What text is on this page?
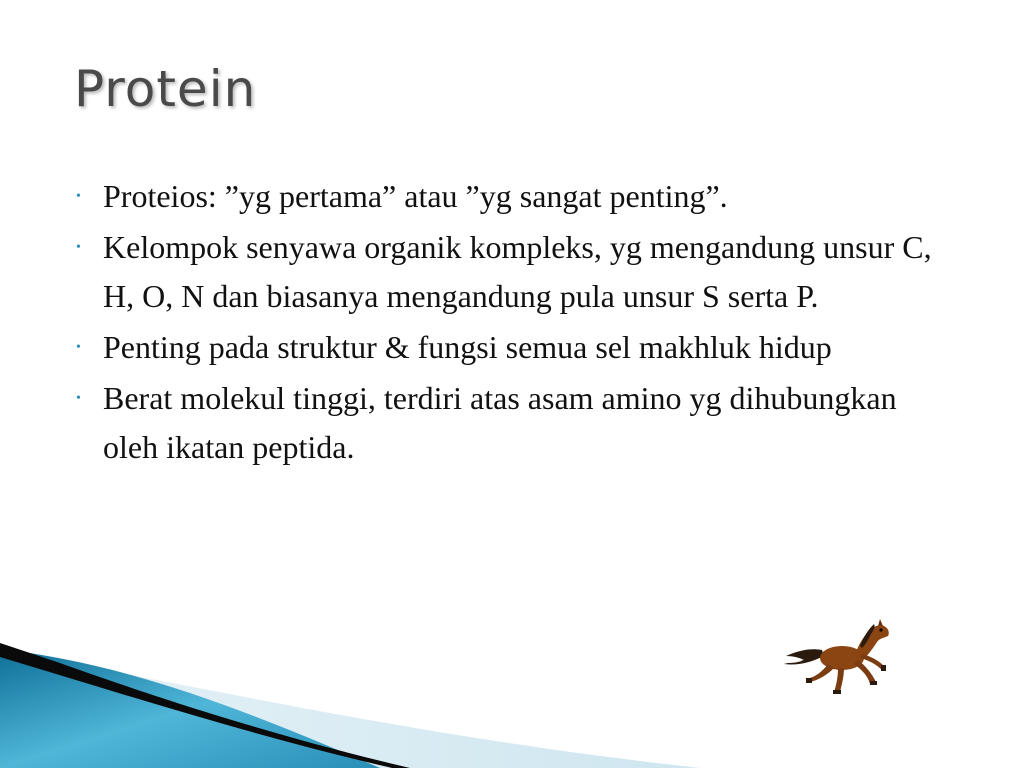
Protein
• Proteios: ”yg pertama” atau ”yg sangat penting”.
• Kelompok senyawa organik kompleks, yg mengandung unsur C, H, O, N dan biasanya mengandung pula unsur S serta P.
• Penting pada struktur & fungsi semua sel makhluk hidup
• Berat molekul tinggi, terdiri atas asam amino yg dihubungkan oleh ikatan peptida.
